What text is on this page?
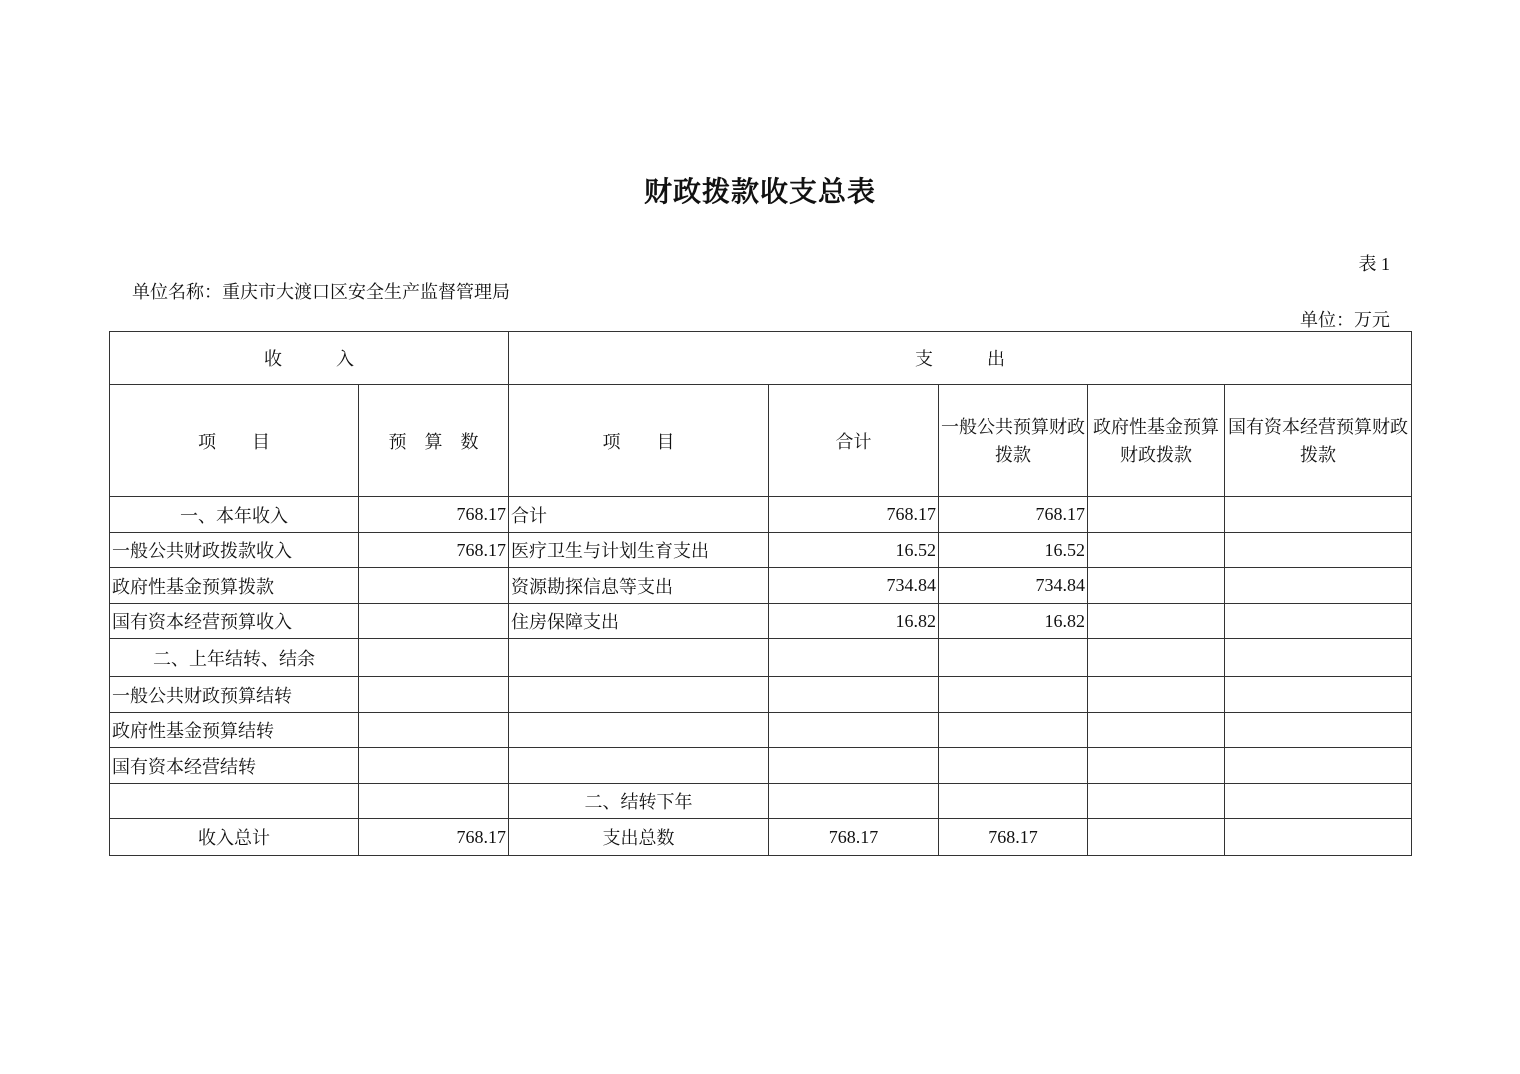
财政拨款收支总表
表 1
单位名称：重庆市大渡口区安全生产监督管理局
单位：万元
收　　　入		支　　　出				
项　　目	预　算　数	项　　目	合计	一般公共预算财政拨款	政府性基金预算财政拨款	国有资本经营预算财政拨款
一、本年收入	768.17	合计	768.17	768.17		
一般公共财政拨款收入	768.17	医疗卫生与计划生育支出	16.52	16.52		
政府性基金预算拨款		资源勘探信息等支出	734.84	734.84		
国有资本经营预算收入		住房保障支出	16.82	16.82		
二、上年结转、结余						
一般公共财政预算结转						
政府性基金预算结转						
国有资本经营结转						
		二、结转下年				
收入总计	768.17	支出总数	768.17	768.17		
